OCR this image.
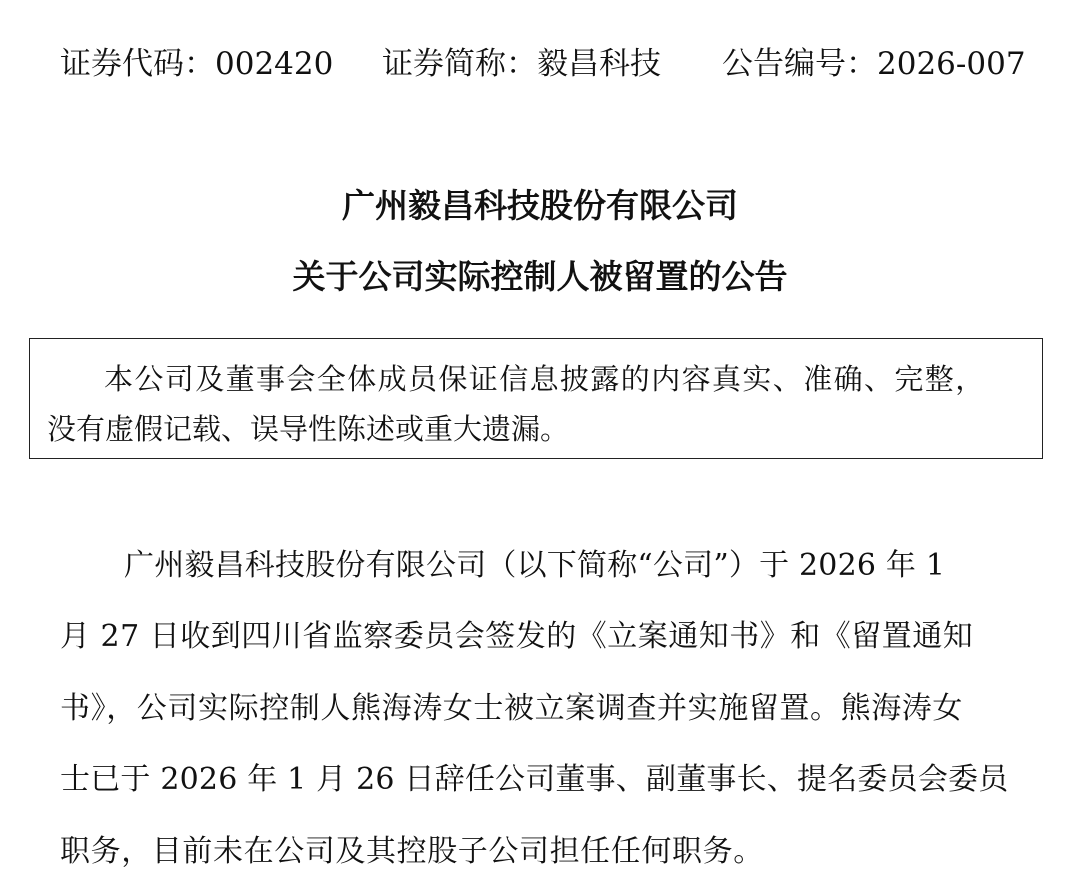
证券代码：002420 证券简称：毅昌科技 公告编号：2026-007
广州毅昌科技股份有限公司
关于公司实际控制人被留置的公告
本公司及董事会全体成员保证信息披露的内容真实、准确、完整，
没有虚假记载、误导性陈述或重大遗漏。
广州毅昌科技股份有限公司（以下简称“公司”）于 2026 年 1
月 27 日收到四川省监察委员会签发的《立案通知书》和《留置通知
书》，公司实际控制人熊海涛女士被立案调查并实施留置。熊海涛女
士已于 2026 年 1 月 26 日辞任公司董事、副董事长、提名委员会委员
职务，目前未在公司及其控股子公司担任任何职务。
